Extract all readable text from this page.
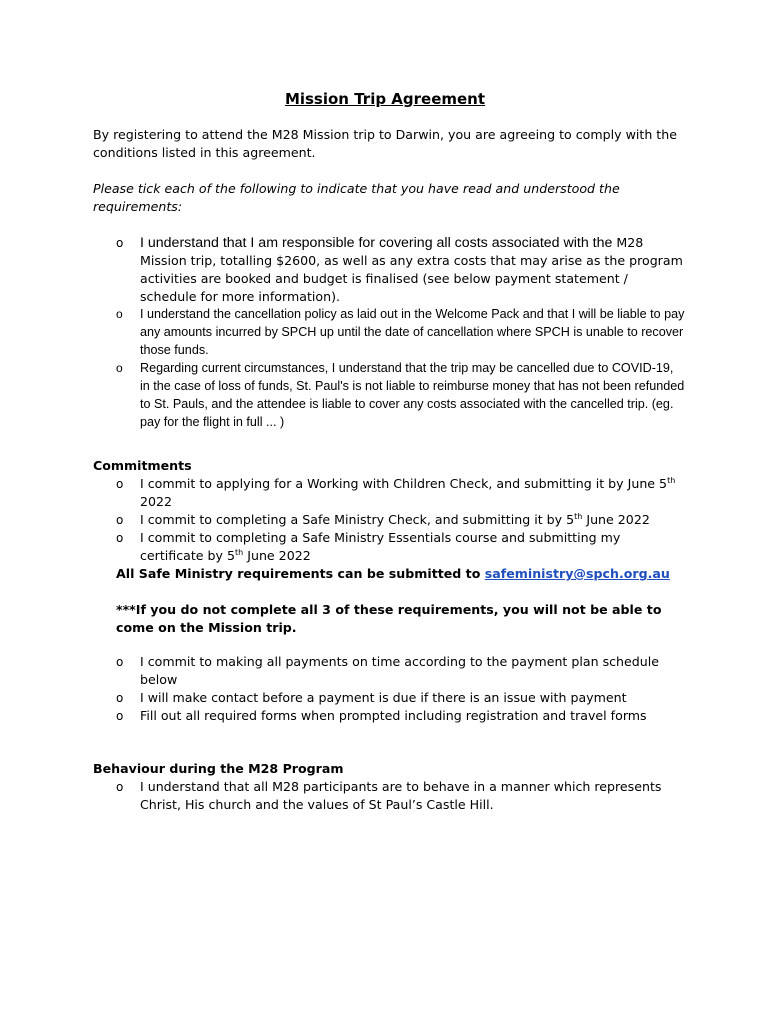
Mission Trip Agreement
By registering to attend the M28 Mission trip to Darwin, you are agreeing to comply with the conditions listed in this agreement.
Please tick each of the following to indicate that you have read and understood the requirements:
o I understand that I am responsible for covering all costs associated with the M28 Mission trip, totalling $2600, as well as any extra costs that may arise as the program activities are booked and budget is finalised (see below payment statement / schedule for more information).
o I understand the cancellation policy as laid out in the Welcome Pack and that I will be liable to pay any amounts incurred by SPCH up until the date of cancellation where SPCH is unable to recover those funds.
o Regarding current circumstances, I understand that the trip may be cancelled due to COVID-19, in the case of loss of funds, St. Paul's is not liable to reimburse money that has not been refunded to St. Pauls, and the attendee is liable to cover any costs associated with the cancelled trip. (eg. pay for the flight in full ... )
Commitments
o I commit to applying for a Working with Children Check, and submitting it by June 5th 2022
o I commit to completing a Safe Ministry Check, and submitting it by 5th June 2022
o I commit to completing a Safe Ministry Essentials course and submitting my certificate by 5th June 2022
All Safe Ministry requirements can be submitted to safeministry@spch.org.au
***If you do not complete all 3 of these requirements, you will not be able to come on the Mission trip.
o I commit to making all payments on time according to the payment plan schedule below
o I will make contact before a payment is due if there is an issue with payment
o Fill out all required forms when prompted including registration and travel forms
Behaviour during the M28 Program
o I understand that all M28 participants are to behave in a manner which represents Christ, His church and the values of St Paul’s Castle Hill.
